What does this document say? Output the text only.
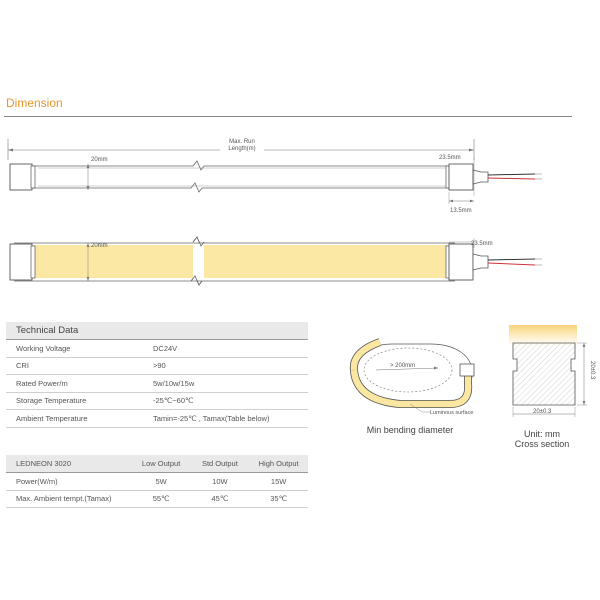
Dimension
Max. Run
Length(m)
20mm	23.5mm
13.5mm
20mm	23.5mm
Technical Data
Working Voltage	DC24V
CRI	>90
Rated Power/m	5w/10w/15w
Storage Temperature	-25℃~60℃
Ambient Temperature	Tamin=-25℃ , Tamax(Table below)
LEDNEON 3020	Low Output	Std Output	High Output
Power(W/m)	5W	10W	15W
Max. Ambient tempt.(Tamax)	55℃	45℃	35℃
> 200mm
Luminous surface
Min bending diameter
20±0.3
20±0.3
Unit: mm
Cross section
